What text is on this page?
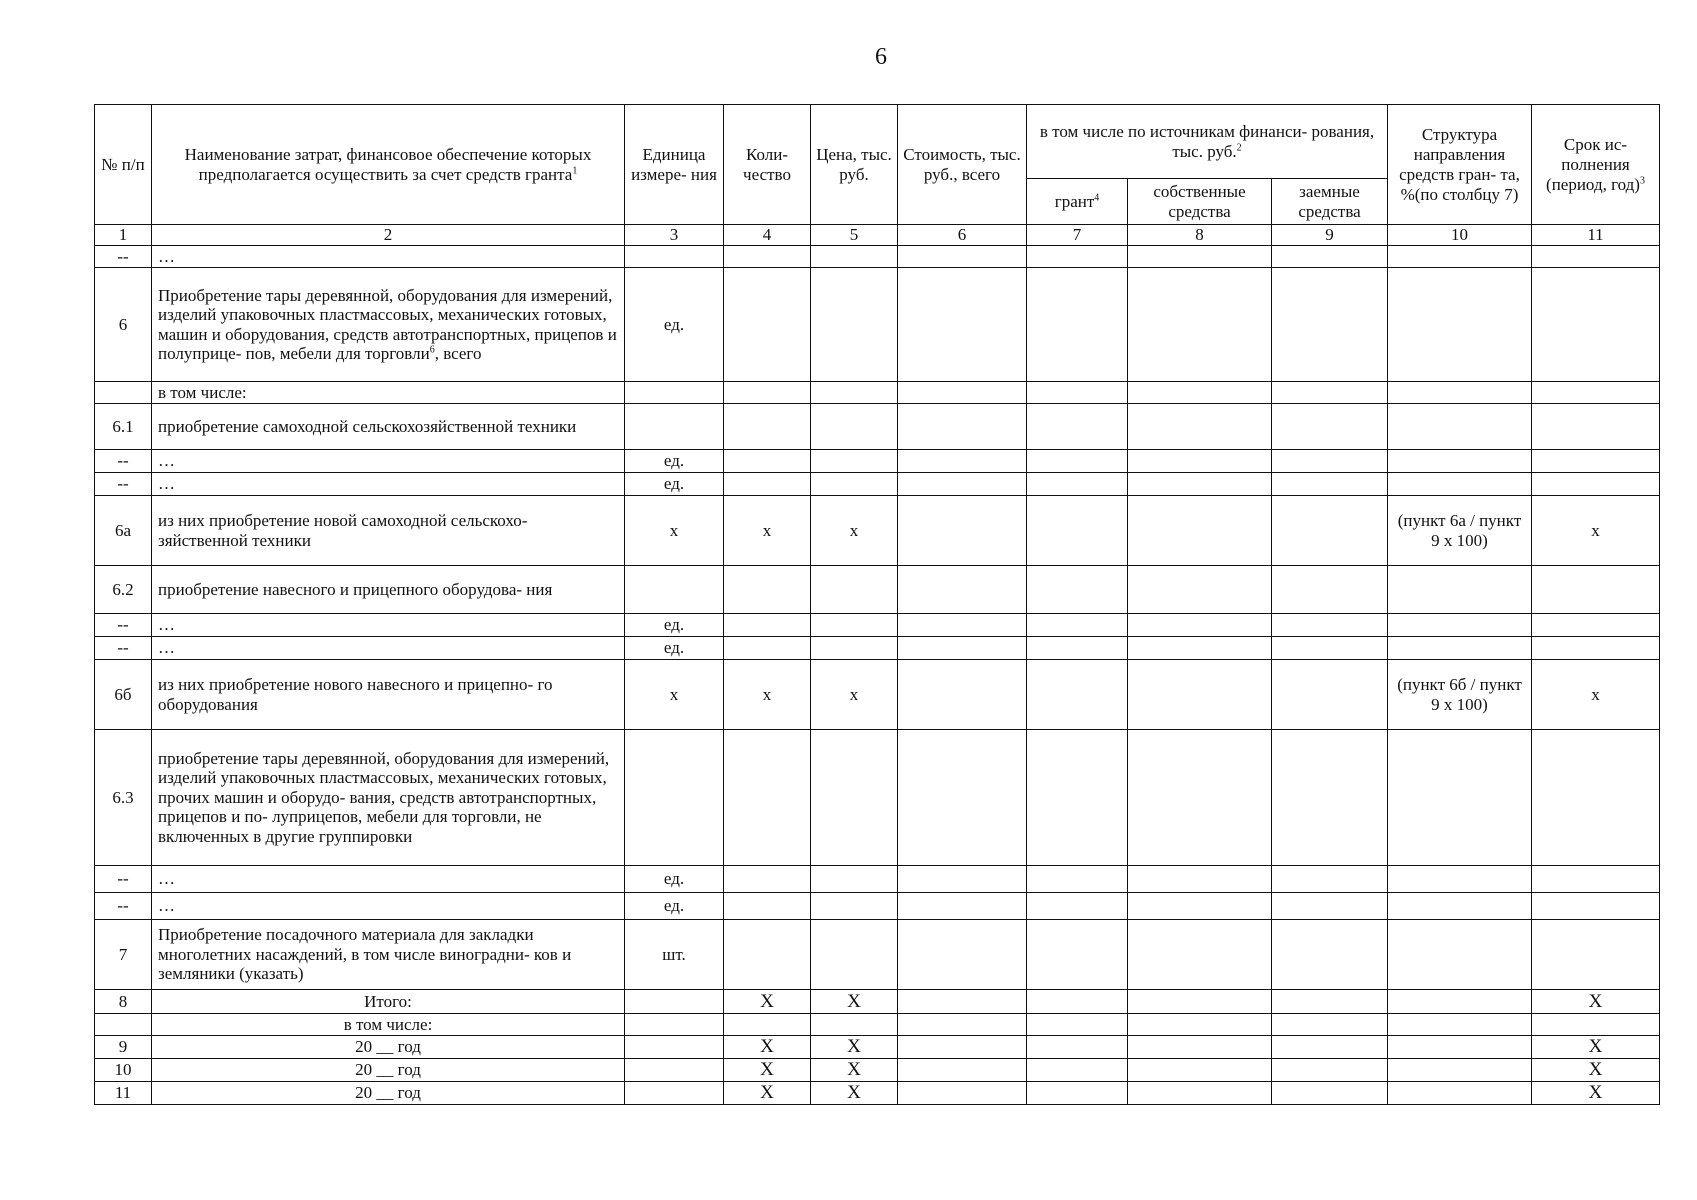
6
№ п/п	Наименование затрат, финансовое обеспечение которых предполагается осуществить за счет средств гранта$^1$	Единица измере- ния	Коли- чество	Цена, тыс. руб.	Стоимость, тыс. руб., всего	в том числе по источникам финанси- рования, тыс. руб.$^2$			Структура направления средств гран- та, %(по столбцу 7)	Срок ис- полнения (период, год)$^3$
						грант$^4$	собственные средства	заемные средства		
1	2	3	4	5	6	7	8	9	10	11
--	…									
6	Приобретение тары деревянной, оборудования для измерений, изделий упаковочных пластмассовых, механических готовых, машин и оборудования, средств автотранспортных, прицепов и полуприце- пов, мебели для торговли$^6$, всего	ед.								
	в том числе:									
6.1	приобретение самоходной сельскохозяйственной техники									
--	…	ед.								
--	…	ед.								
6а	из них приобретение новой самоходной сельскохо- зяйственной техники	х	х	х					(пункт 6а / пункт 9 х 100)	х
6.2	приобретение навесного и прицепного оборудова- ния									
--	…	ед.								
--	…	ед.								
6б	из них приобретение нового навесного и прицепно- го оборудования	х	х	х					(пункт 6б / пункт 9 х 100)	х
6.3	приобретение тары деревянной, оборудования для измерений, изделий упаковочных пластмассовых, механических готовых, прочих машин и оборудо- вания, средств автотранспортных, прицепов и по- луприцепов, мебели для торговли, не включенных в другие группировки									
--	…	ед.								
--	…	ед.								
7	Приобретение посадочного материала для закладки многолетних насаждений, в том числе виноградни- ков и земляники (указать)	шт.								
8	Итого:		Х	Х						Х
	в том числе:									
9	20 __ год		Х	Х						Х
10	20 __ год		Х	Х						Х
11	20 __ год		Х	Х						Х
